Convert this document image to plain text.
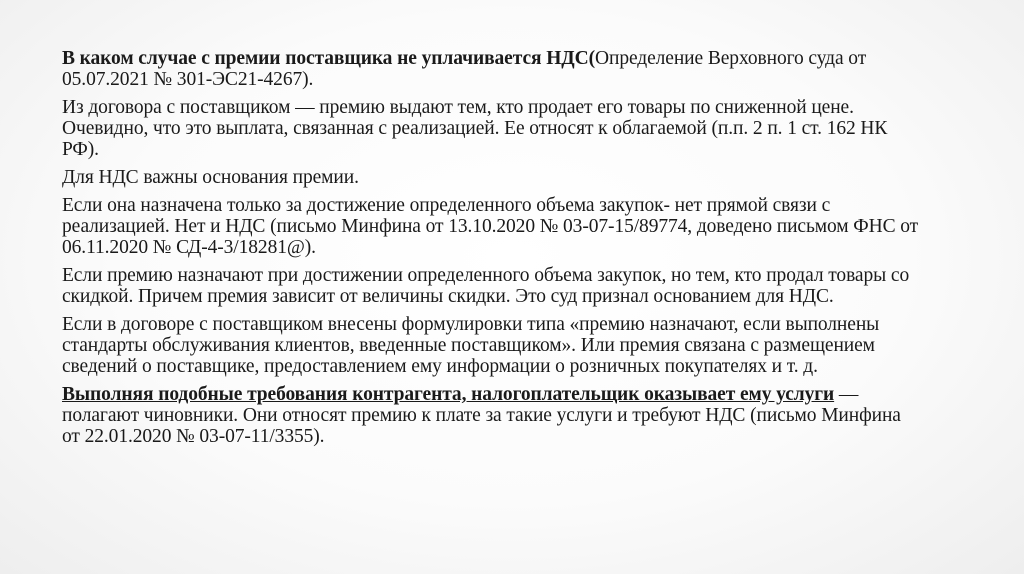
В каком случае с премии поставщика не уплачивается НДС(Определение Верховного суда от 05.07.2021 № 301-ЭС21-4267).

Из договора с поставщиком — премию выдают тем, кто продает его товары по сниженной цене. Очевидно, что это выплата, связанная с реализацией. Ее относят к облагаемой (п.п. 2 п. 1 ст. 162 НК РФ).

Для НДС важны основания премии.

Если она назначена только за достижение определенного объема закупок- нет прямой связи с реализацией. Нет и НДС (письмо Минфина от 13.10.2020 № 03-07-15/89774, доведено письмом ФНС от 06.11.2020 № СД-4-3/18281@).

Если премию назначают при достижении определенного объема закупок, но тем, кто продал товары со скидкой. Причем премия зависит от величины скидки. Это суд признал основанием для НДС.

Если в договоре с поставщиком внесены формулировки типа «премию назначают, если выполнены стандарты обслуживания клиентов, введенные поставщиком». Или премия связана с размещением сведений о поставщике, предоставлением ему информации о розничных покупателях и т. д.

Выполняя подобные требования контрагента, налогоплательщик оказывает ему услуги — полагают чиновники. Они относят премию к плате за такие услуги и требуют НДС (письмо Минфина от 22.01.2020 № 03-07-11/3355).
